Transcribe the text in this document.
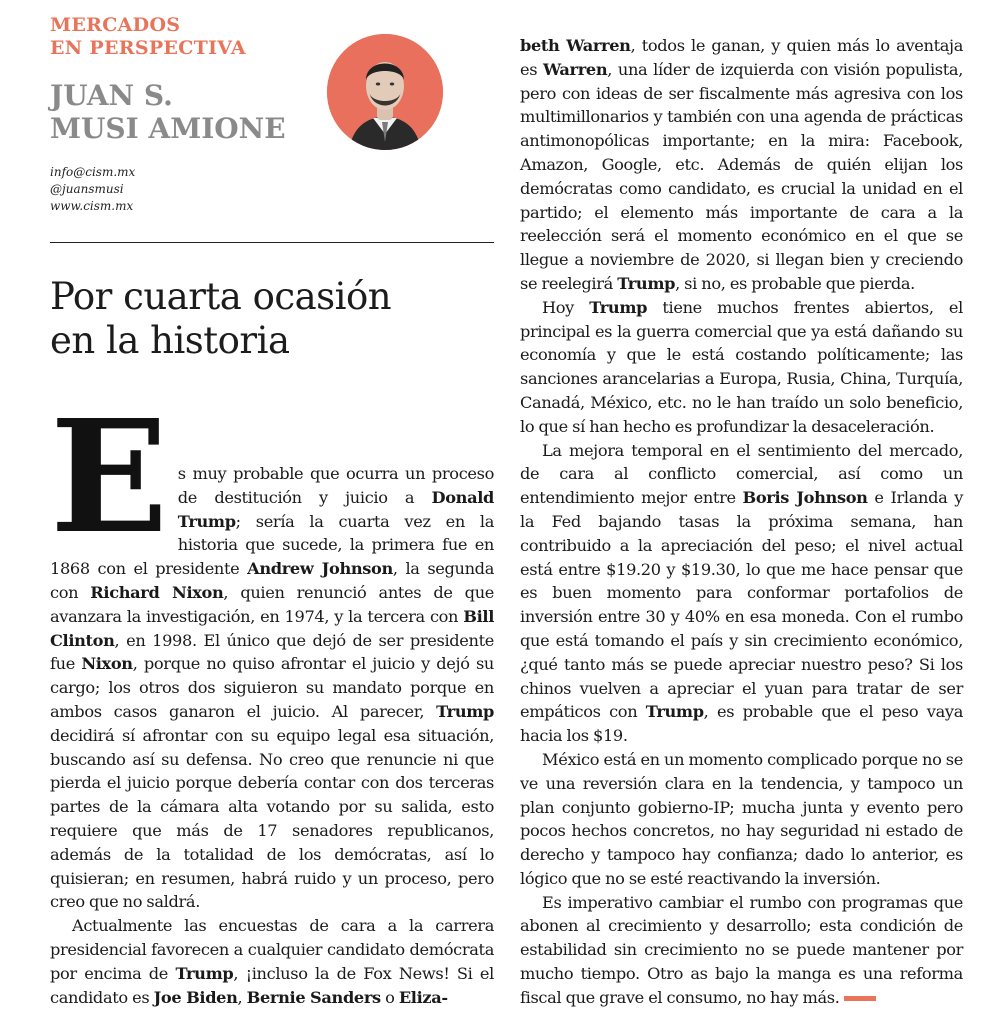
MERCADOS
EN PERSPECTIVA
JUAN S.
MUSI AMIONE
info@cism.mx
@juansmusi
www.cism.mx
Por cuarta ocasión
en la historia

E s muy probable que ocurra un proceso de destitución y juicio a Donald Trump; sería la cuarta vez en la historia que sucede, la primera fue en 1868 con el presidente Andrew Johnson, la segunda con Richard Nixon, quien renunció antes de que avanzara la investigación, en 1974, y la tercera con Bill Clinton, en 1998. El único que dejó de ser presidente fue Nixon, porque no quiso afrontar el juicio y dejó su cargo; los otros dos siguieron su mandato porque en ambos casos ganaron el juicio. Al parecer, Trump decidirá sí afrontar con su equipo legal esa situación, buscando así su defensa. No creo que renuncie ni que pierda el juicio porque debería contar con dos terceras partes de la cámara alta votando por su salida, esto requiere que más de 17 senadores republicanos, además de la totalidad de los demócratas, así lo quisieran; en resumen, habrá ruido y un proceso, pero creo que no saldrá.

Actualmente las encuestas de cara a la carrera presidencial favorecen a cualquier candidato demócrata por encima de Trump, ¡incluso la de Fox News! Si el candidato es Joe Biden, Bernie Sanders o Eliza-

beth Warren, todos le ganan, y quien más lo aventaja es Warren, una líder de izquierda con visión populista, pero con ideas de ser fiscalmente más agresiva con los multimillonarios y también con una agenda de prácticas antimonopólicas importante; en la mira: Facebook, Amazon, Google, etc. Además de quién elijan los demócratas como candidato, es crucial la unidad en el partido; el elemento más importante de cara a la reelección será el momento económico en el que se llegue a noviembre de 2020, si llegan bien y creciendo se reelegirá Trump, si no, es probable que pierda.

Hoy Trump tiene muchos frentes abiertos, el principal es la guerra comercial que ya está dañando su economía y que le está costando políticamente; las sanciones arancelarias a Europa, Rusia, China, Turquía, Canadá, México, etc. no le han traído un solo beneficio, lo que sí han hecho es profundizar la desaceleración.

La mejora temporal en el sentimiento del mercado, de cara al conflicto comercial, así como un entendimiento mejor entre Boris Johnson e Irlanda y la Fed bajando tasas la próxima semana, han contribuido a la apreciación del peso; el nivel actual está entre $19.20 y $19.30, lo que me hace pensar que es buen momento para conformar portafolios de inversión entre 30 y 40% en esa moneda. Con el rumbo que está tomando el país y sin crecimiento económico, ¿qué tanto más se puede apreciar nuestro peso? Si los chinos vuelven a apreciar el yuan para tratar de ser empáticos con Trump, es probable que el peso vaya hacia los $19.

México está en un momento complicado porque no se ve una reversión clara en la tendencia, y tampoco un plan conjunto gobierno-IP; mucha junta y evento pero pocos hechos concretos, no hay seguridad ni estado de derecho y tampoco hay confianza; dado lo anterior, es lógico que no se esté reactivando la inversión.

Es imperativo cambiar el rumbo con programas que abonen al crecimiento y desarrollo; esta condición de estabilidad sin crecimiento no se puede mantener por mucho tiempo. Otro as bajo la manga es una reforma fiscal que grave el consumo, no hay más.
